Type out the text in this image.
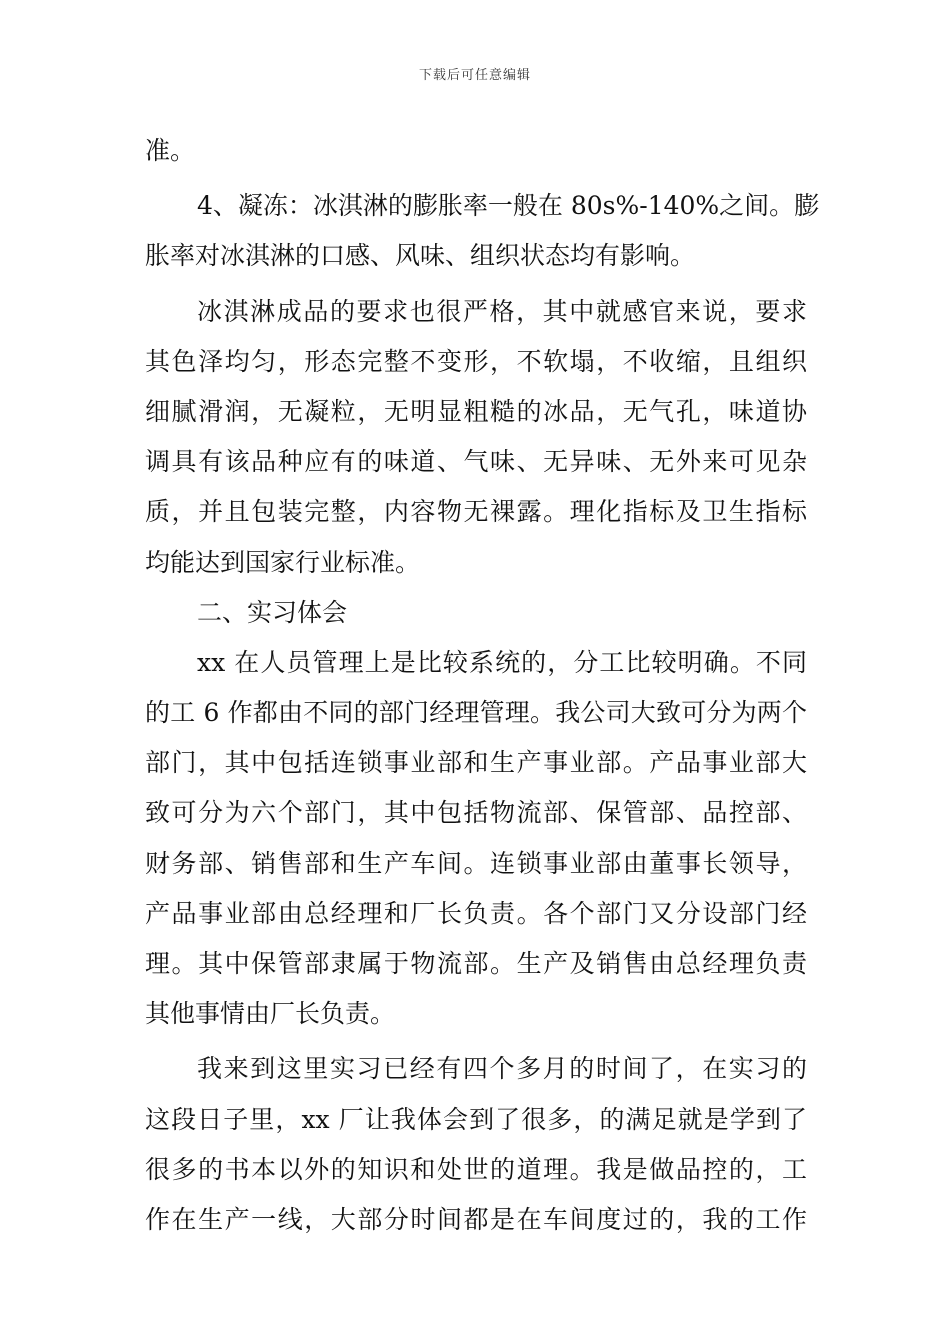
下载后可任意编辑
准。
4、凝冻：冰淇淋的膨胀率一般在 80s%-140%之间。膨
胀率对冰淇淋的口感、风味、组织状态均有影响。
冰淇淋成品的要求也很严格，其中就感官来说，要求
其色泽均匀，形态完整不变形，不软塌，不收缩，且组织
细腻滑润，无凝粒，无明显粗糙的冰品，无气孔，味道协
调具有该品种应有的味道、气味、无异味、无外来可见杂
质，并且包装完整，内容物无裸露。理化指标及卫生指标
均能达到国家行业标准。
二、实习体会
xx 在人员管理上是比较系统的，分工比较明确。不同
的工 6 作都由不同的部门经理管理。我公司大致可分为两个
部门，其中包括连锁事业部和生产事业部。产品事业部大
致可分为六个部门，其中包括物流部、保管部、品控部、
财务部、销售部和生产车间。连锁事业部由董事长领导，
产品事业部由总经理和厂长负责。各个部门又分设部门经
理。其中保管部隶属于物流部。生产及销售由总经理负责
其他事情由厂长负责。
我来到这里实习已经有四个多月的时间了，在实习的
这段日子里，xx 厂让我体会到了很多，的满足就是学到了
很多的书本以外的知识和处世的道理。我是做品控的，工
作在生产一线，大部分时间都是在车间度过的，我的工作
